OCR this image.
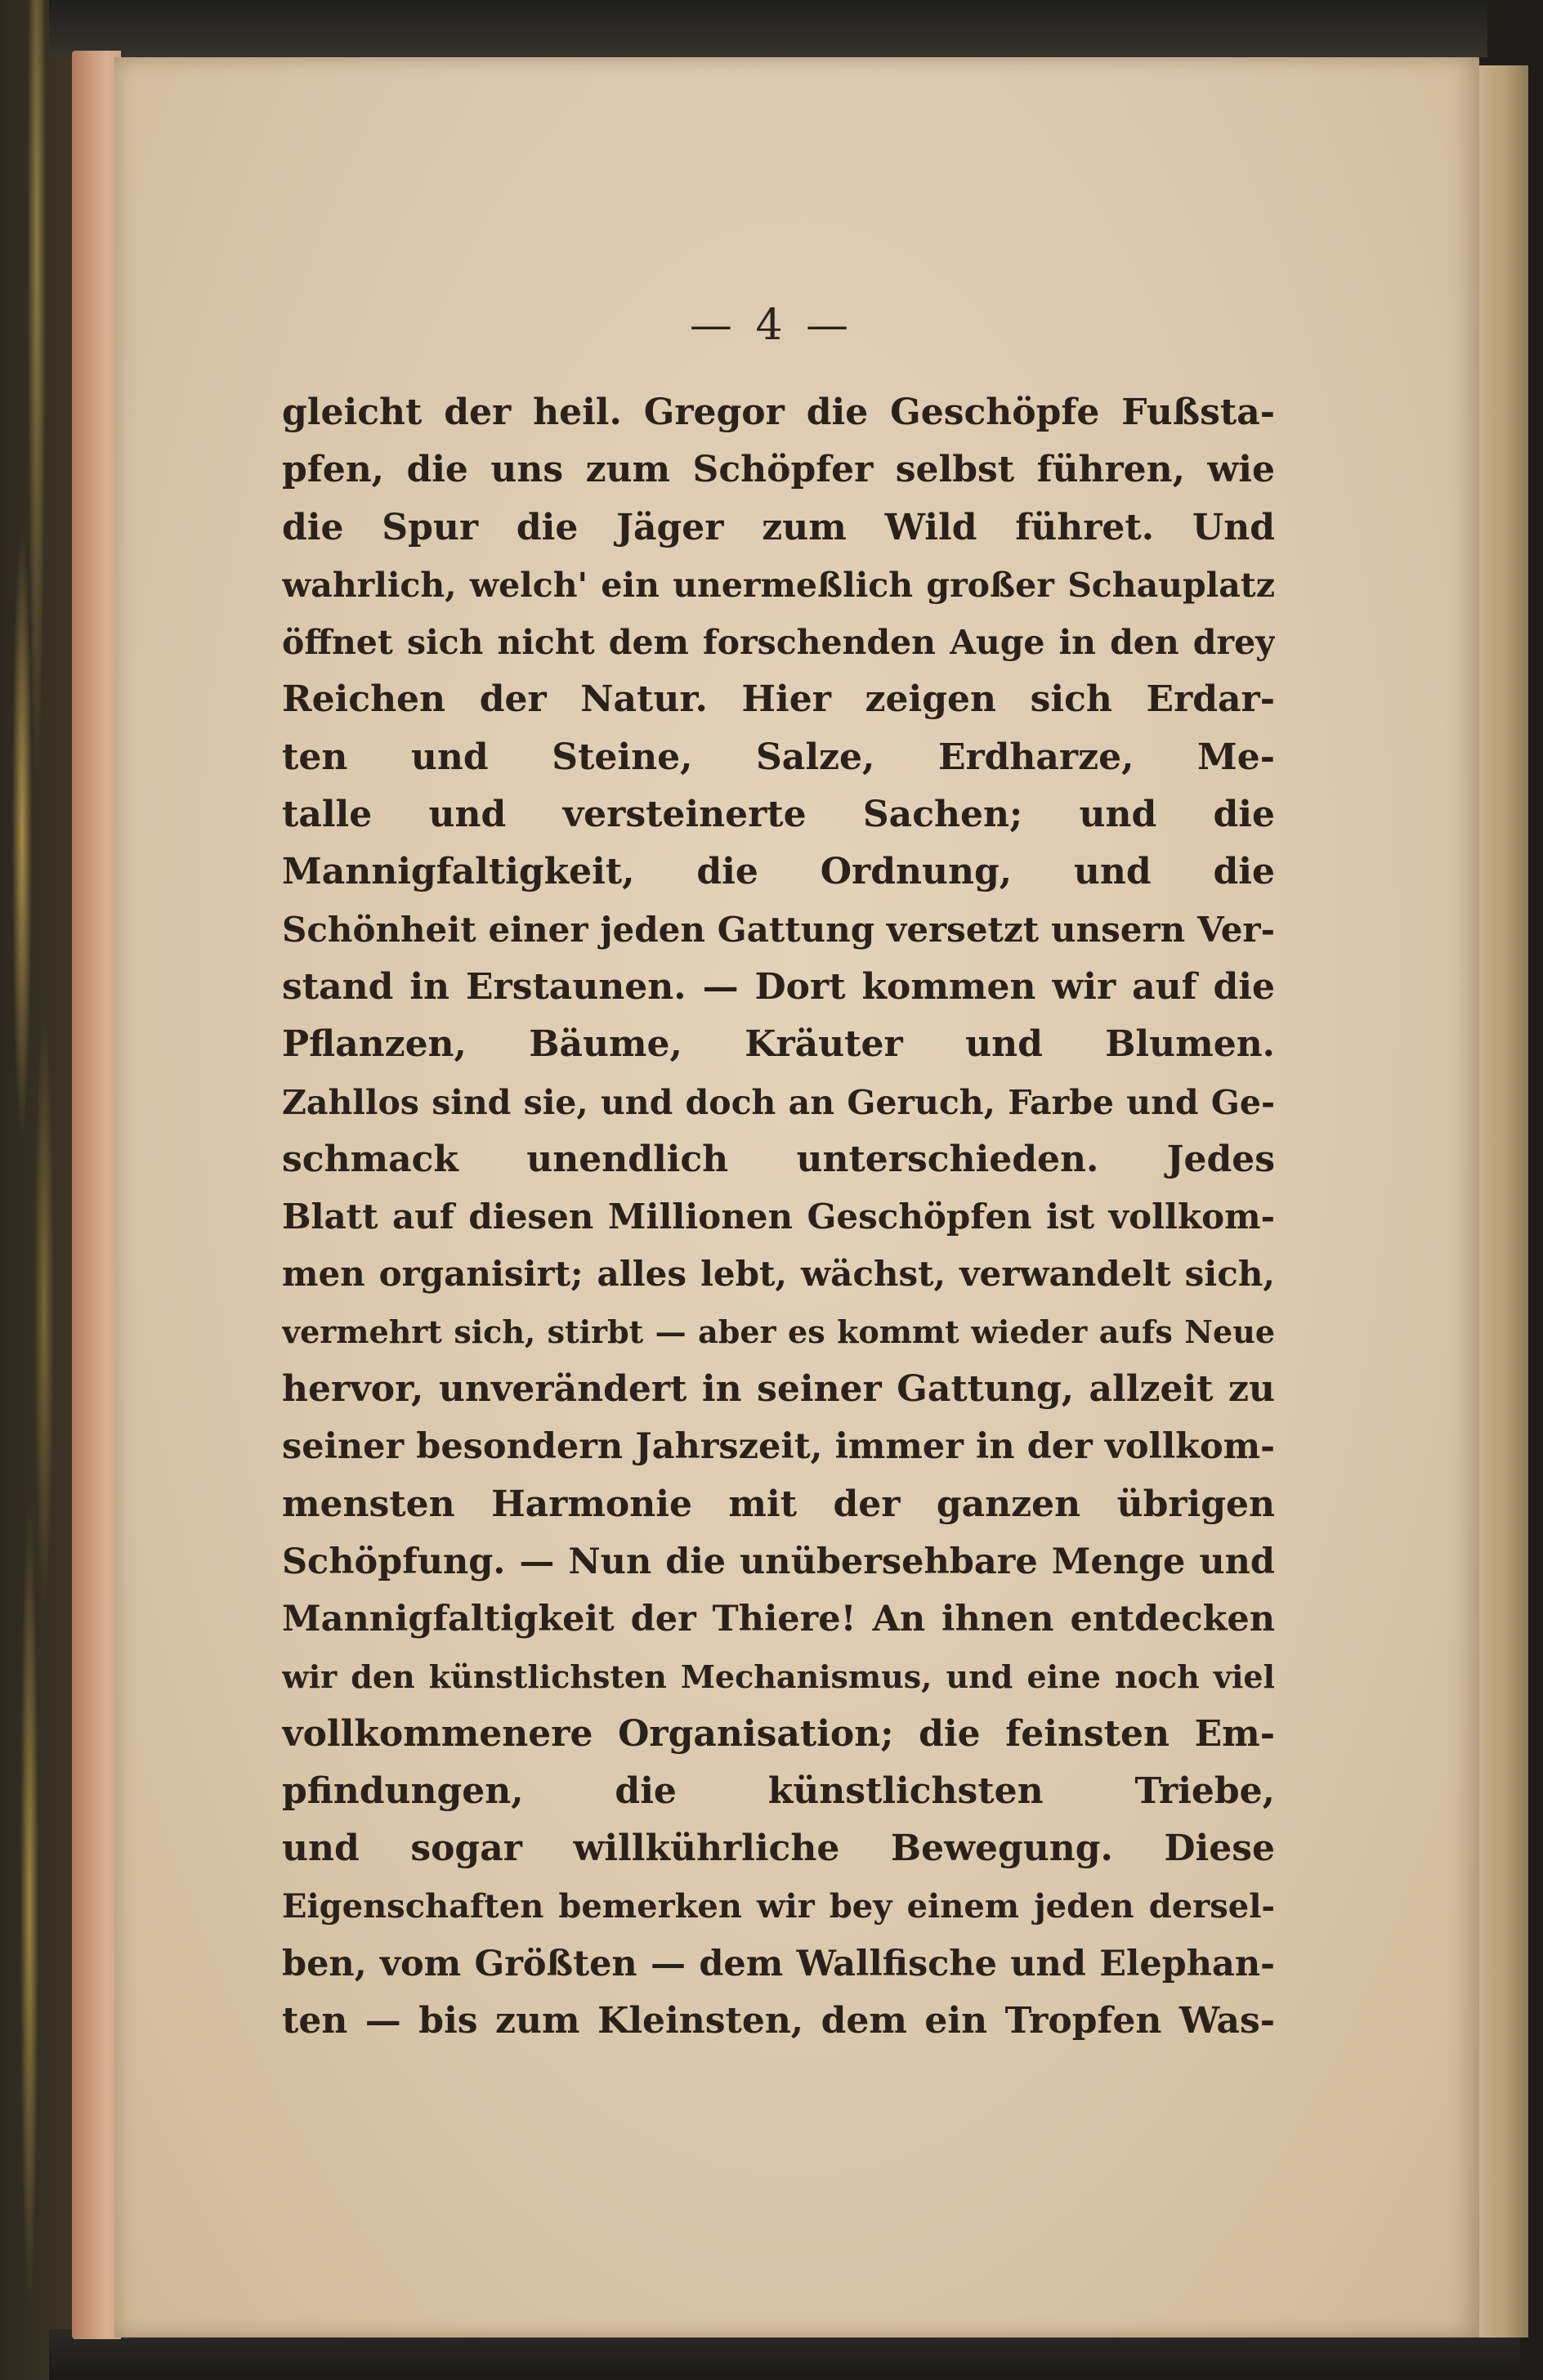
— 4 —
gleicht der heil. Gregor die Geschöpfe Fußsta-
pfen, die uns zum Schöpfer selbst führen, wie
die Spur die Jäger zum Wild führet. Und
wahrlich, welch' ein unermeßlich großer Schauplatz
öffnet sich nicht dem forschenden Auge in den drey
Reichen der Natur. Hier zeigen sich Erdar-
ten und Steine, Salze, Erdharze, Me-
talle und versteinerte Sachen; und die
Mannigfaltigkeit, die Ordnung, und die
Schönheit einer jeden Gattung versetzt unsern Ver-
stand in Erstaunen. — Dort kommen wir auf die
Pflanzen, Bäume, Kräuter und Blumen.
Zahllos sind sie, und doch an Geruch, Farbe und Ge-
schmack unendlich unterschieden. Jedes
Blatt auf diesen Millionen Geschöpfen ist vollkom-
men organisirt; alles lebt, wächst, verwandelt sich,
vermehrt sich, stirbt — aber es kommt wieder aufs Neue
hervor, unverändert in seiner Gattung, allzeit zu
seiner besondern Jahrszeit, immer in der vollkom-
mensten Harmonie mit der ganzen übrigen
Schöpfung. — Nun die unübersehbare Menge und
Mannigfaltigkeit der Thiere! An ihnen entdecken
wir den künstlichsten Mechanismus, und eine noch viel
vollkommenere Organisation; die feinsten Em-
pfindungen, die künstlichsten Triebe,
und sogar willkührliche Bewegung. Diese
Eigenschaften bemerken wir bey einem jeden dersel-
ben, vom Größten — dem Wallfische und Elephan-
ten — bis zum Kleinsten, dem ein Tropfen Was-
